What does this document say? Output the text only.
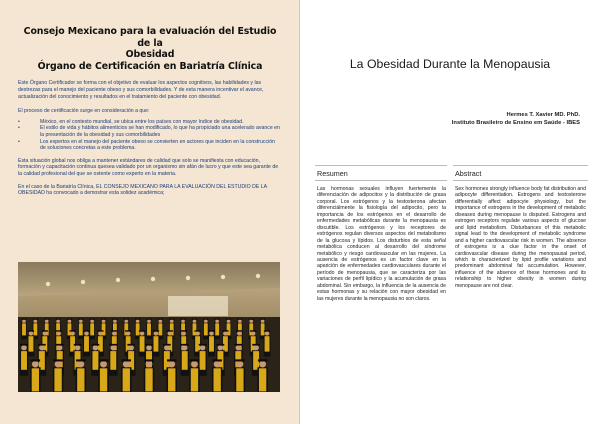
Consejo Mexicano para la evaluación del Estudio de la
Obesidad
Órgano de Certificación en Bariatría Clínica

Este Órgano Certificador se forma con el objetivo de evaluar los aspectos cognitivos, las habilidades y las destrezas para el manejo del paciente obeso y sus comorbilidades. Y de esta manera incentivar el avance, actualización del conocimiento y resultados en el tratamiento del paciente con obesidad.

El proceso de certificación surge en consideración a que:

•	México, en el contexto mundial, se ubica entre los países con mayor índice de obesidad.
•	El estilo de vida y hábitos alimenticios se han modificado, lo que ha propiciado una acelerado avance en la presentación de la obesidad y sus comorbilidades
•	Los expertos en el manejo del paciente obeso se convierten en actores que inciden en la construcción de soluciones concretas a este problema.

Esta situación global nos obliga a mantener estándares de calidad que solo se manifiesta con educación, formación y capacitación continua quesea validado por un organismo sin afán de lucro y que este sea garante de la calidad profesional del que se ostente como experto en la materia.

En el caso de la Bariatría Clínica, EL CONSEJO MEXICANO PARA LA EVALUACIÓN DEL ESTUDIO DE LA OBESIDAD ha convocado a demostrar esta solidez académica;

La Obesidad Durante la Menopausia
Hermes T. Xavier MD. PhD.
Instituto Brasileiro de Ensino em Saúde - IBES
Resumen	Abstract
Las hormonas sexuales influyen fuertemente la diferenciación de adipocitos y la distribución de grasa corporal. Los estrógenos y la testosterona afectan diferenciálmente la fisiología del adipocito, pero la importancia de los estrógenos en el desarrollo de enfermedades metabólicas durante la menopausia es discutible. Los estrógenos y los receptores de estrógenos regulan diversos aspectos del metabolismo de la glucosa y lípidos. Los disturbios de esta señal metabólica conducen al desarrollo del síndrome metabólico y riesgo cardiovascular en las mujeres. La ausencia de estrógenos es un factor clave en la aparición de enfermedades cardiovasculares durante el período de menopausia, que se caracteriza por las variaciones de perfil lipídico y la acumulación de grasa abdominal. Sin embargo, la influencia de la ausencia de estas hormonas y su relación con mayor obesidad en las mujeres durante la menopausia no son claros.
Sex hormones strongly influence body fat distribution and adipocyte differentiation. Estrogens and testosterone differentially affect adipocyte physiology, but the importance of estrogens in the development of metabolic diseases during menopause is disputed. Estrogens and estrogen receptors regulate various aspects of glucose and lipid metabolism. Disturbances of this metabolic signal lead to the development of metabolic syndrome and a higher cardiovascular risk in women. The absence of estrogens is a clue factor in the onset of cardiovascular disease during the menopausal period, which is characterized by lipid profile variations and predominant abdominal fat accumulation. However, influence of the absence of these hormones and its relationship to higher obesity in women during menopause are not clear.
